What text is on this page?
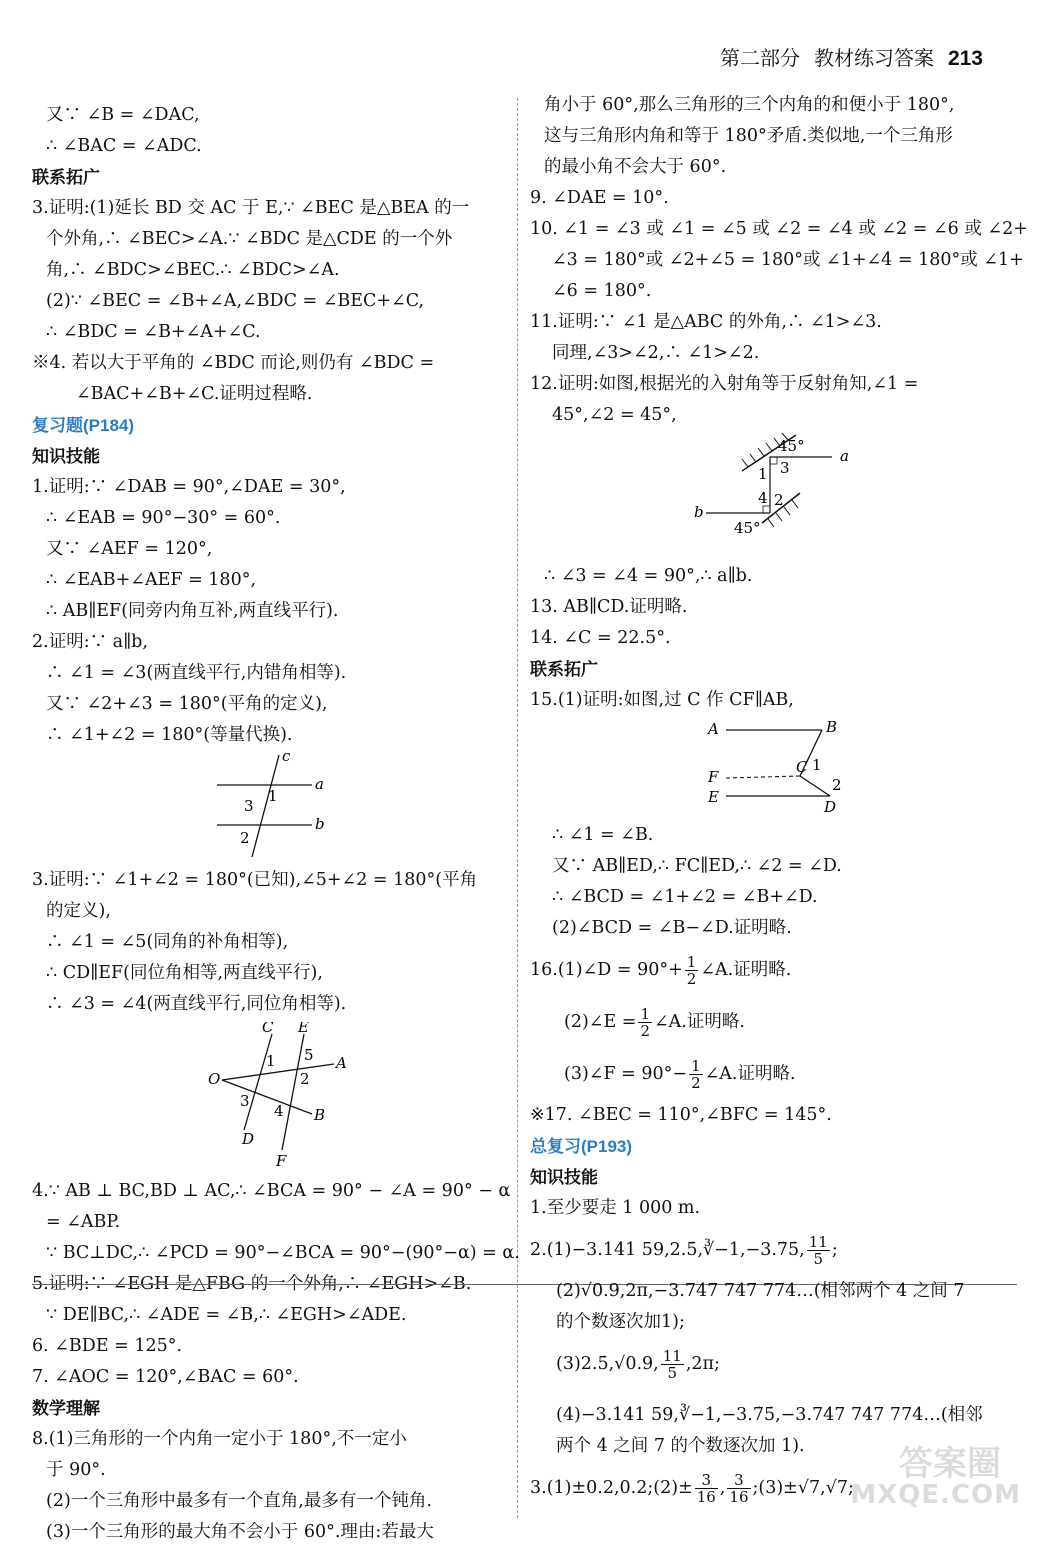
第二部分 教材练习答案 213
又∵ ∠B = ∠DAC,
∴ ∠BAC = ∠ADC.
联系拓广
3.证明:(1)延长 BD 交 AC 于 E,∵ ∠BEC 是△BEA 的一
个外角,∴ ∠BEC>∠A.∵ ∠BDC 是△CDE 的一个外
角,∴ ∠BDC>∠BEC.∴ ∠BDC>∠A.
(2)∵ ∠BEC = ∠B+∠A,∠BDC = ∠BEC+∠C,
∴ ∠BDC = ∠B+∠A+∠C.
※4. 若以大于平角的 ∠BDC 而论,则仍有 ∠BDC =
∠BAC+∠B+∠C.证明过程略.
复习题(P184)
知识技能
1.证明:∵ ∠DAB = 90°,∠DAE = 30°,
∴ ∠EAB = 90°−30° = 60°.
又∵ ∠AEF = 120°,
∴ ∠EAB+∠AEF = 180°,
∴ AB∥EF(同旁内角互补,两直线平行).
2.证明:∵ a∥b,
∴ ∠1 = ∠3(两直线平行,内错角相等).
又∵ ∠2+∠3 = 180°(平角的定义),
∴ ∠1+∠2 = 180°(等量代换).
c
a
b
1
3
2
3.证明:∵ ∠1+∠2 = 180°(已知),∠5+∠2 = 180°(平角
的定义),
∴ ∠1 = ∠5(同角的补角相等),
∴ CD∥EF(同位角相等,两直线平行),
∴ ∠3 = ∠4(两直线平行,同位角相等).
C E
O
A
B
D
F
1 5
2
3
4
4.∵ AB ⊥ BC,BD ⊥ AC,∴ ∠BCA = 90° − ∠A = 90° − α
= ∠ABP.
∵ BC⊥DC,∴ ∠PCD = 90°−∠BCA = 90°−(90°−α) = α.
5.证明:∵ ∠EGH 是△FBG 的一个外角,∴ ∠EGH>∠B.
∵ DE∥BC,∴ ∠ADE = ∠B,∴ ∠EGH>∠ADE.
6. ∠BDE = 125°.
7. ∠AOC = 120°,∠BAC = 60°.
数学理解
8.(1)三角形的一个内角一定小于 180°,不一定小
于 90°.
(2)一个三角形中最多有一个直角,最多有一个钝角.
(3)一个三角形的最大角不会小于 60°.理由:若最大
角小于 60°,那么三角形的三个内角的和便小于 180°,
这与三角形内角和等于 180°矛盾.类似地,一个三角形
的最小角不会大于 60°.
9. ∠DAE = 10°.
10. ∠1 = ∠3 或 ∠1 = ∠5 或 ∠2 = ∠4 或 ∠2 = ∠6 或 ∠2+
∠3 = 180°或 ∠2+∠5 = 180°或 ∠1+∠4 = 180°或 ∠1+
∠6 = 180°.
11.证明:∵ ∠1 是△ABC 的外角,∴ ∠1>∠3.
同理,∠3>∠2,∴ ∠1>∠2.
12.证明:如图,根据光的入射角等于反射角知,∠1 =
45°,∠2 = 45°,
45°
45°
a
b
1 3
4 2
∴ ∠3 = ∠4 = 90°,∴ a∥b.
13. AB∥CD.证明略.
14. ∠C = 22.5°.
联系拓广
15.(1)证明:如图,过 C 作 CF∥AB,
A	B
F
C
E
D
1
2
∴ ∠1 = ∠B.
又∵ AB∥ED,∴ FC∥ED,∴ ∠2 = ∠D.
∴ ∠BCD = ∠1+∠2 = ∠B+∠D.
(2)∠BCD = ∠B−∠D.证明略.
16.(1)∠D = $90^\circ+ \frac{1}{2}$ ∠A.证明略.
(2)∠E = $\frac{1}{2}$ ∠A.证明略.
(3)∠F = $90^\circ- \frac{1}{2}$ ∠A.证明略.
※17. ∠BEC = 110°,∠BFC = 145°.
总复习(P193)
知识技能
1.至少要走 1 000 m.
2.(1)−3.141 59,2.5̇,∛−1,−3.7̇5̇, $\frac{11}{5}$ ;
(2)√0.9,2π,−3.747 747 774…(相邻两个 4 之间 7
的个数逐次加1);
(3)2.5̇,√0.9, $\frac{11}{5} ,2\pi$;
(4)−3.141 59,∛−1,−3.7̇5̇,−3.747 747 774…(相邻
两个 4 之间 7 的个数逐次加 1).
3.(1)±0.2,0.2;(2)± $\frac{3}{16}$ , $\frac{3}{16}$ ;(3)±√7,√7;
答案圈
MXQE.COM
